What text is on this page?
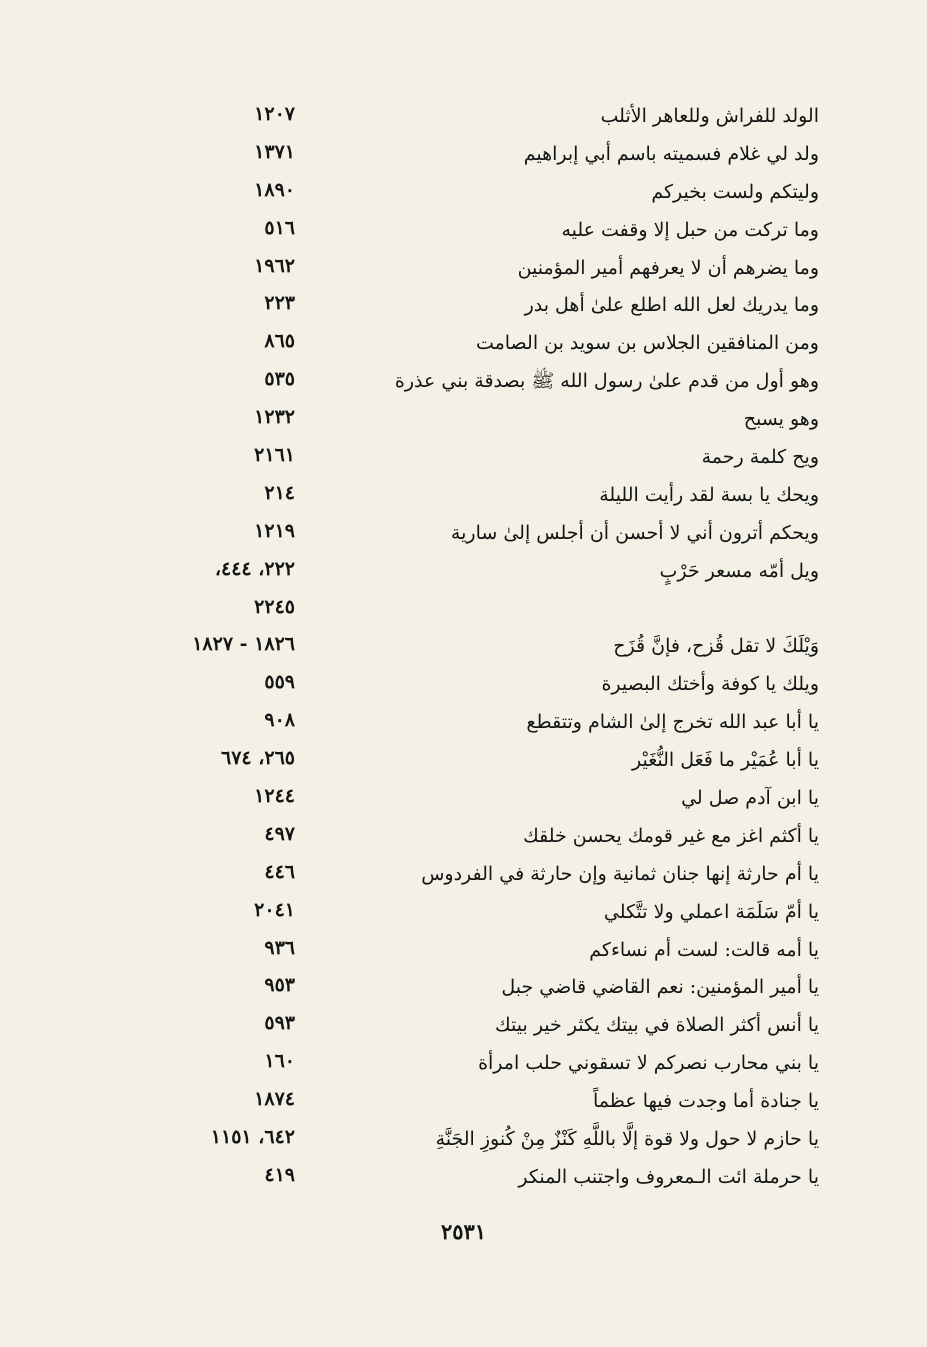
الولد للفراش وللعاهر الأثلب
١٢٠٧
ولد لي غلام فسميته باسم أبي إبراهيم
١٣٧١
وليتكم ولست بخيركم
١٨٩٠
وما تركت من حبل إلا وقفت عليه
٥١٦
وما يضرهم أن لا يعرفهم أمير المؤمنين
١٩٦٢
وما يدريك لعل الله اطلع علىٰ أهل بدر
٢٢٣
ومن المنافقين الجلاس بن سويد بن الصامت
٨٦٥
وهو أول من قدم علىٰ رسول الله ﷺ بصدقة بني عذرة
٥٣٥
وهو يسبح
١٢٣٢
ويح كلمة رحمة
٢١٦١
ويحك يا بسة لقد رأيت الليلة
٢١٤
ويحكم أترون أني لا أحسن أن أجلس إلىٰ سارية
١٢١٩
ويل أمّه مسعر حَرْبٍ
٢٢٢، ٤٤٤،
٢٢٤٥
وَيْلَكَ لا تقل قُزح، فإنَّ قُزَح
١٨٢٦ - ١٨٢٧
ويلك يا كوفة وأختك البصيرة
٥٥٩
يا أبا عبد الله تخرج إلىٰ الشام وتتقطع
٩٠٨
يا أبا عُمَيْر ما فَعَل النُّغَيْر
٢٦٥، ٦٧٤
يا ابن آدم صل لي
١٢٤٤
يا أكثم اغز مع غير قومك يحسن خلقك
٤٩٧
يا أم حارثة إنها جنان ثمانية وإن حارثة في الفردوس
٤٤٦
يا أمّ سَلَمَة اعملي ولا تتَّكلي
٢٠٤١
يا أمه قالت: لست أم نساءكم
٩٣٦
يا أمير المؤمنين: نعم القاضي قاضي جبل
٩٥٣
يا أنس أكثر الصلاة في بيتك يكثر خير بيتك
٥٩٣
يا بني محارب نصركم لا تسقوني حلب امرأة
١٦٠
يا جنادة أما وجدت فيها عظماً
١٨٧٤
يا حازم لا حول ولا قوة إلَّا باللَّهِ كَنْزٌ مِنْ كُنوزِ الجَنَّةِ
٦٤٢، ١١٥١
يا حرملة ائت الـمعروف واجتنب المنكر
٤١٩
٢٥٣١
